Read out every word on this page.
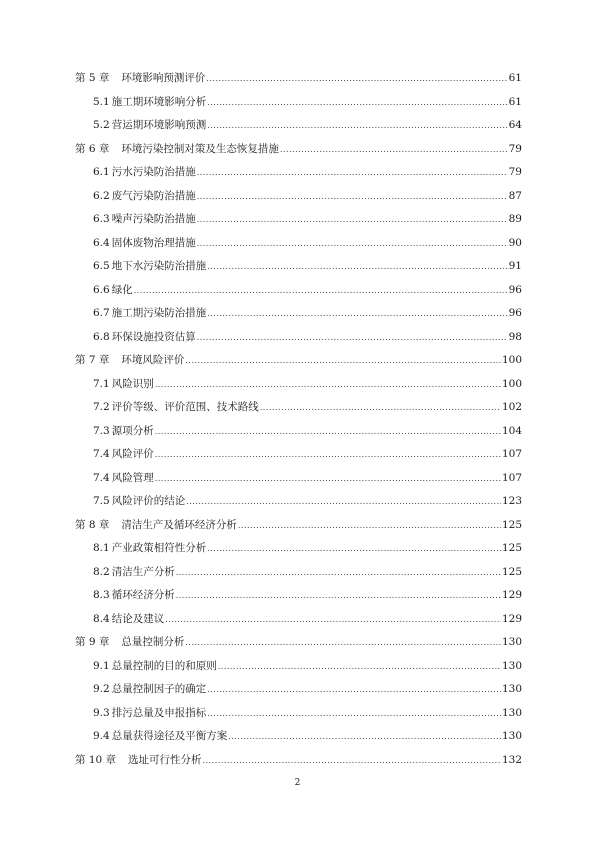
第 5 章 环境影响预测评价 .....	61
5.1 施工期环境影响分析 .....	61
5.2 营运期环境影响预测 .....	64
第 6 章 环境污染控制对策及生态恢复措施 .....	79
6.1 污水污染防治措施 .....	79
6.2 废气污染防治措施 .....	87
6.3 噪声污染防治措施 .....	89
6.4 固体废物治理措施 .....	90
6.5 地下水污染防治措施 .....	91
6.6 绿化 .....	96
6.7 施工期污染防治措施 .....	96
6.8 环保设施投资估算 .....	98
第 7 章 环境风险评价 .....	100
7.1 风险识别 .....	100
7.2 评价等级、评价范围、技术路线 .....	102
7.3 源项分析 .....	104
7.4 风险评价 .....	107
7.4 风险管理 .....	107
7.5 风险评价的结论 .....	123
第 8 章 清洁生产及循环经济分析 .....	125
8.1 产业政策相符性分析 .....	125
8.2 清洁生产分析 .....	125
8.3 循环经济分析 .....	129
8.4 结论及建议 .....	129
第 9 章 总量控制分析 .....	130
9.1 总量控制的目的和原则 .....	130
9.2 总量控制因子的确定 .....	130
9.3 排污总量及申报指标 .....	130
9.4 总量获得途径及平衡方案 .....	130
第 10 章 选址可行性分析 .....	132
2
